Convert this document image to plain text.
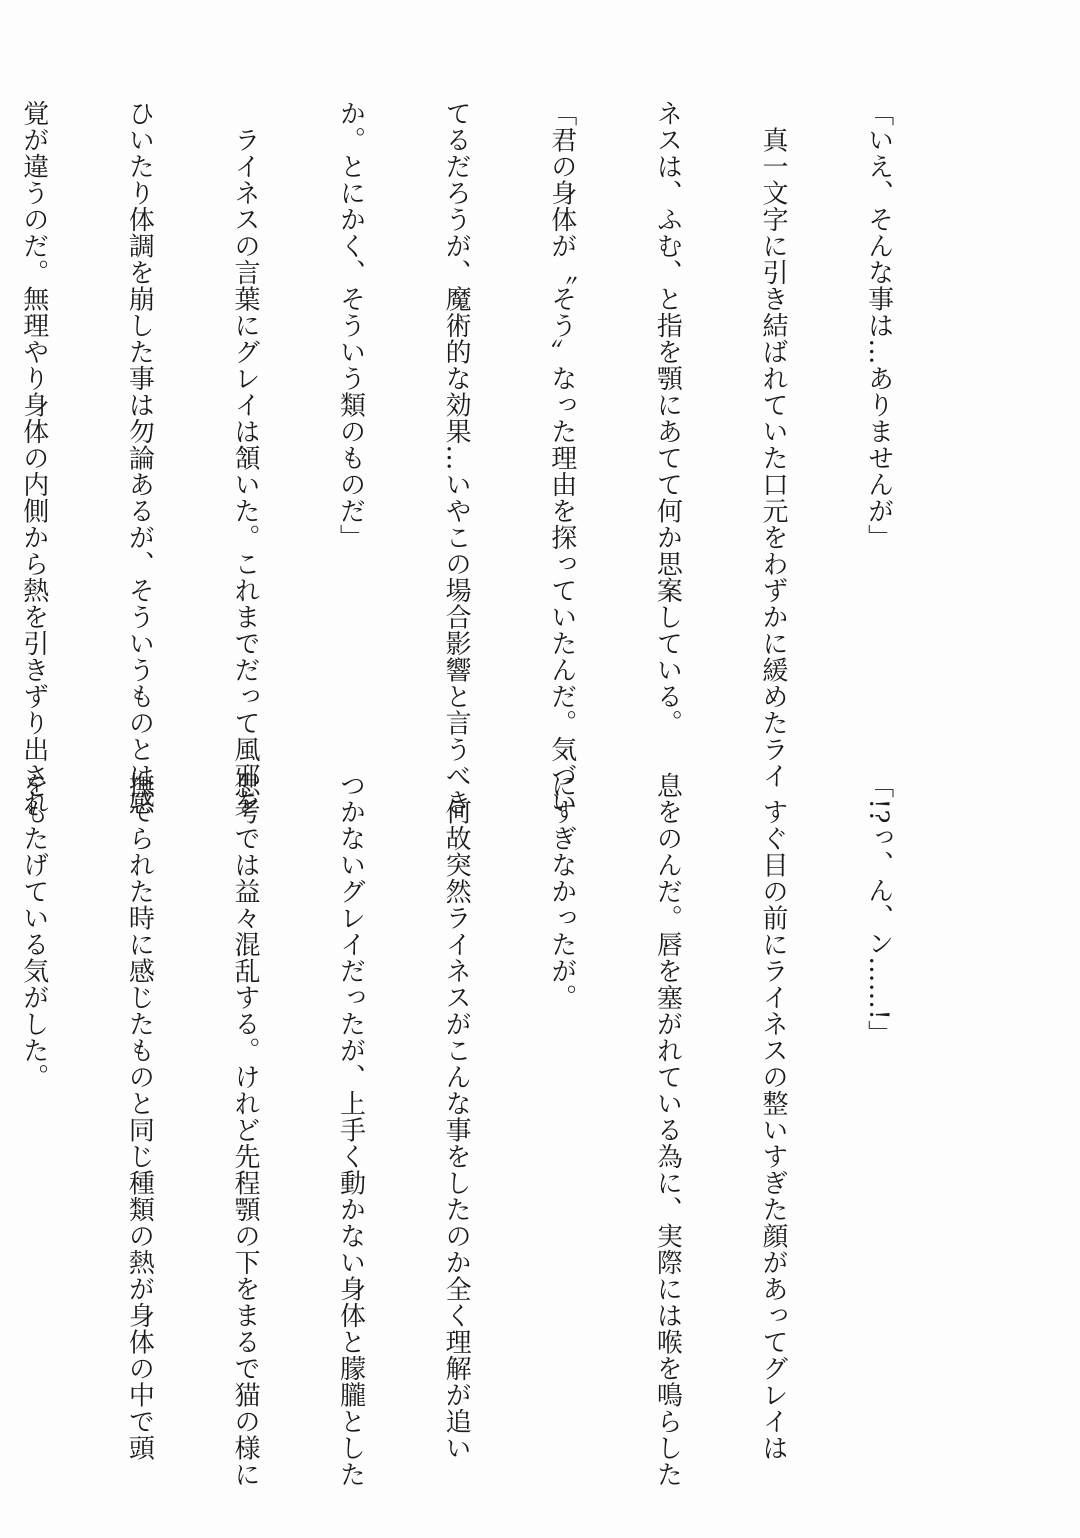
「いえ、そんな事は…ありませんが」

　真一文字に引き結ばれていた口元をわずかに緩めたライ

ネスは、ふむ、と指を顎にあてて何か思案している。

「君の身体が〝そう〟なった理由を探っていたんだ。気づい

てるだろうが、魔術的な効果…いやこの場合影響と言うべき

か。とにかく、そういう類のものだ」

　ライネスの言葉にグレイは頷いた。これまでだって風邪を

ひいたり体調を崩した事は勿論あるが、そういうものとは感

覚が違うのだ。無理やり身体の内側から熱を引きずり出され

「!?っ、ん、ン……!」

　すぐ目の前にライネスの整いすぎた顔があってグレイは

息をのんだ。唇を塞がれている為に、実際には喉を鳴らした

にすぎなかったが。

　何故突然ライネスがこんな事をしたのか全く理解が追い

つかないグレイだったが、上手く動かない身体と朦朧とした

思考では益々混乱する。けれど先程顎の下をまるで猫の様に

撫でられた時に感じたものと同じ種類の熱が身体の中で頭

をもたげている気がした。
